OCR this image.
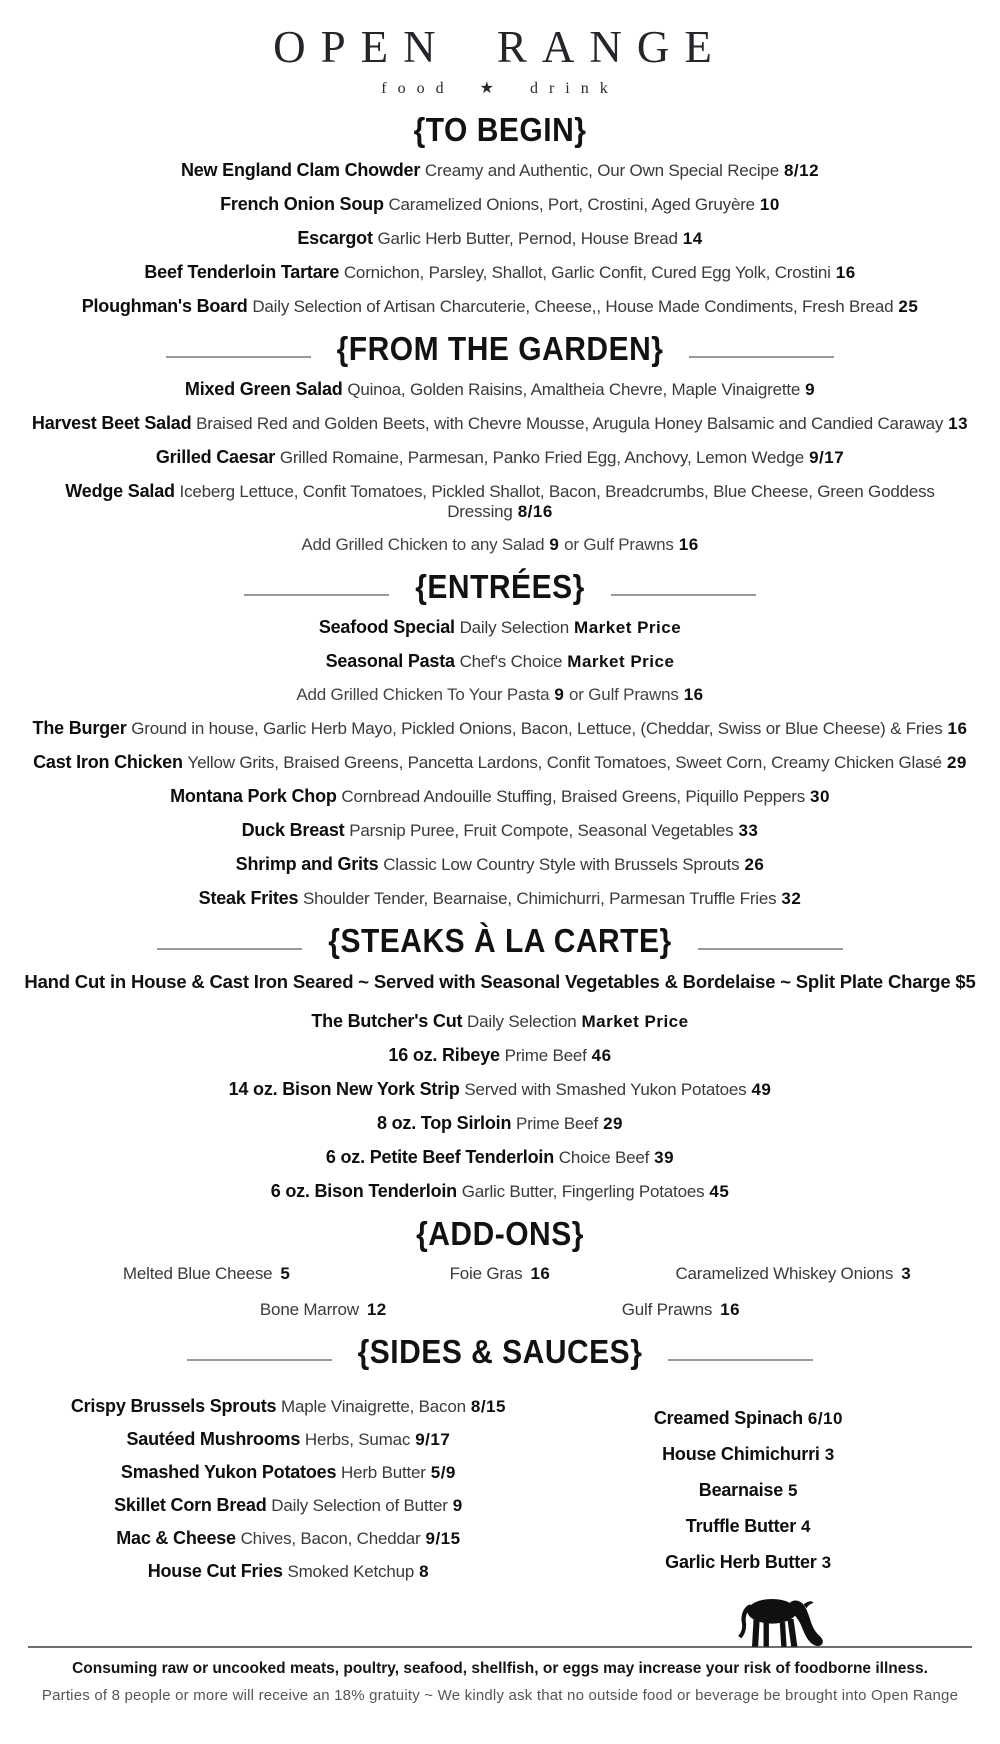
OPEN RANGE
food ★ drink
{TO BEGIN}
New England Clam Chowder Creamy and Authentic, Our Own Special Recipe 8/12
French Onion Soup Caramelized Onions, Port, Crostini, Aged Gruyère 10
Escargot Garlic Herb Butter, Pernod, House Bread 14
Beef Tenderloin Tartare Cornichon, Parsley, Shallot, Garlic Confit, Cured Egg Yolk, Crostini 16
Ploughman's Board Daily Selection of Artisan Charcuterie, Cheese,, House Made Condiments, Fresh Bread 25
{FROM THE GARDEN}
Mixed Green Salad Quinoa, Golden Raisins, Amaltheia Chevre, Maple Vinaigrette 9
Harvest Beet Salad Braised Red and Golden Beets, with Chevre Mousse, Arugula Honey Balsamic and Candied Caraway 13
Grilled Caesar Grilled Romaine, Parmesan, Panko Fried Egg, Anchovy, Lemon Wedge 9/17
Wedge Salad Iceberg Lettuce, Confit Tomatoes, Pickled Shallot, Bacon, Breadcrumbs, Blue Cheese, Green Goddess Dressing 8/16
Add Grilled Chicken to any Salad 9 or Gulf Prawns 16
{ENTRÉES}
Seafood Special Daily Selection Market Price
Seasonal Pasta Chef's Choice Market Price
Add Grilled Chicken To Your Pasta 9 or Gulf Prawns 16
The Burger Ground in house, Garlic Herb Mayo, Pickled Onions, Bacon, Lettuce, (Cheddar, Swiss or Blue Cheese) & Fries 16
Cast Iron Chicken Yellow Grits, Braised Greens, Pancetta Lardons, Confit Tomatoes, Sweet Corn, Creamy Chicken Glasé 29
Montana Pork Chop Cornbread Andouille Stuffing, Braised Greens, Piquillo Peppers 30
Duck Breast Parsnip Puree, Fruit Compote, Seasonal Vegetables 33
Shrimp and Grits Classic Low Country Style with Brussels Sprouts 26
Steak Frites Shoulder Tender, Bearnaise, Chimichurri, Parmesan Truffle Fries 32
{STEAKS À LA CARTE}
Hand Cut in House & Cast Iron Seared ~ Served with Seasonal Vegetables & Bordelaise ~ Split Plate Charge $5
The Butcher's Cut Daily Selection Market Price
16 oz. Ribeye Prime Beef 46
14 oz. Bison New York Strip Served with Smashed Yukon Potatoes 49
8 oz. Top Sirloin Prime Beef 29
6 oz. Petite Beef Tenderloin Choice Beef 39
6 oz. Bison Tenderloin Garlic Butter, Fingerling Potatoes 45
{ADD-ONS}
Melted Blue Cheese 5	Foie Gras 16	Caramelized Whiskey Onions 3
Bone Marrow 12	Gulf Prawns 16
{SIDES & SAUCES}
Crispy Brussels Sprouts Maple Vinaigrette, Bacon 8/15
Sautéed Mushrooms Herbs, Sumac 9/17
Smashed Yukon Potatoes Herb Butter 5/9
Skillet Corn Bread Daily Selection of Butter 9
Mac & Cheese Chives, Bacon, Cheddar 9/15
House Cut Fries Smoked Ketchup 8
Creamed Spinach 6/10
House Chimichurri 3
Bearnaise 5
Truffle Butter 4
Garlic Herb Butter 3
Consuming raw or uncooked meats, poultry, seafood, shellfish, or eggs may increase your risk of foodborne illness.
Parties of 8 people or more will receive an 18% gratuity ~ We kindly ask that no outside food or beverage be brought into Open Range
